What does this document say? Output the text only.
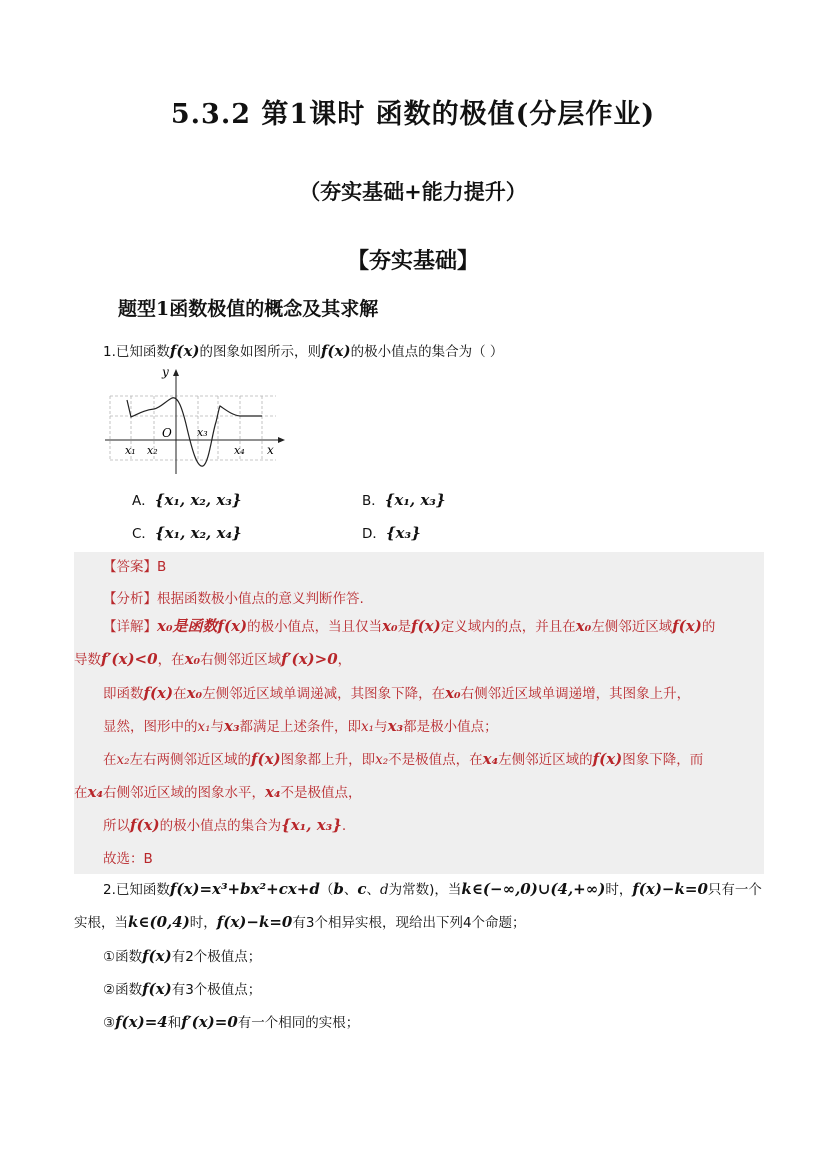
5.3.2 第1课时 函数的极值(分层作业)
（夯实基础+能力提升）
【夯实基础】
题型1函数极值的概念及其求解
1.已知函数f(x)的图象如图所示，则f(x)的极小值点的集合为（ ）
y
x
O
x₁ x₂
x₃
x₄
A．{x₁, x₂, x₃}	B．{x₁, x₃}
C．{x₁, x₂, x₄}	D．{x₃}
【答案】B
【分析】根据函数极小值点的意义判断作答.
【详解】x₀是函数f(x)的极小值点，当且仅当x₀是f(x)定义域内的点，并且在x₀左侧邻近区域f(x)的
导数f′(x)<0，在x₀右侧邻近区域f′(x)>0，
即函数f(x)在x₀左侧邻近区域单调递减，其图象下降，在x₀右侧邻近区域单调递增，其图象上升，
显然，图形中的x₁与x₃都满足上述条件，即x₁与x₃都是极小值点；
在x₂左右两侧邻近区域的f(x)图象都上升，即x₂不是极值点，在x₄左侧邻近区域的f(x)图象下降，而
在x₄右侧邻近区域的图象水平，x₄不是极值点，
所以f(x)的极小值点的集合为{x₁, x₃}.
故选：B
2.已知函数f(x)=x³+bx²+cx+d（b、c、d为常数)，当k∈(−∞,0)∪(4,+∞)时，f(x)−k=0只有一个
实根，当k∈(0,4)时，f(x)−k=0有3个相异实根，现给出下列4个命题；
①函数f(x)有2个极值点；
②函数f(x)有3个极值点；
③f(x)=4和f′(x)=0有一个相同的实根；
